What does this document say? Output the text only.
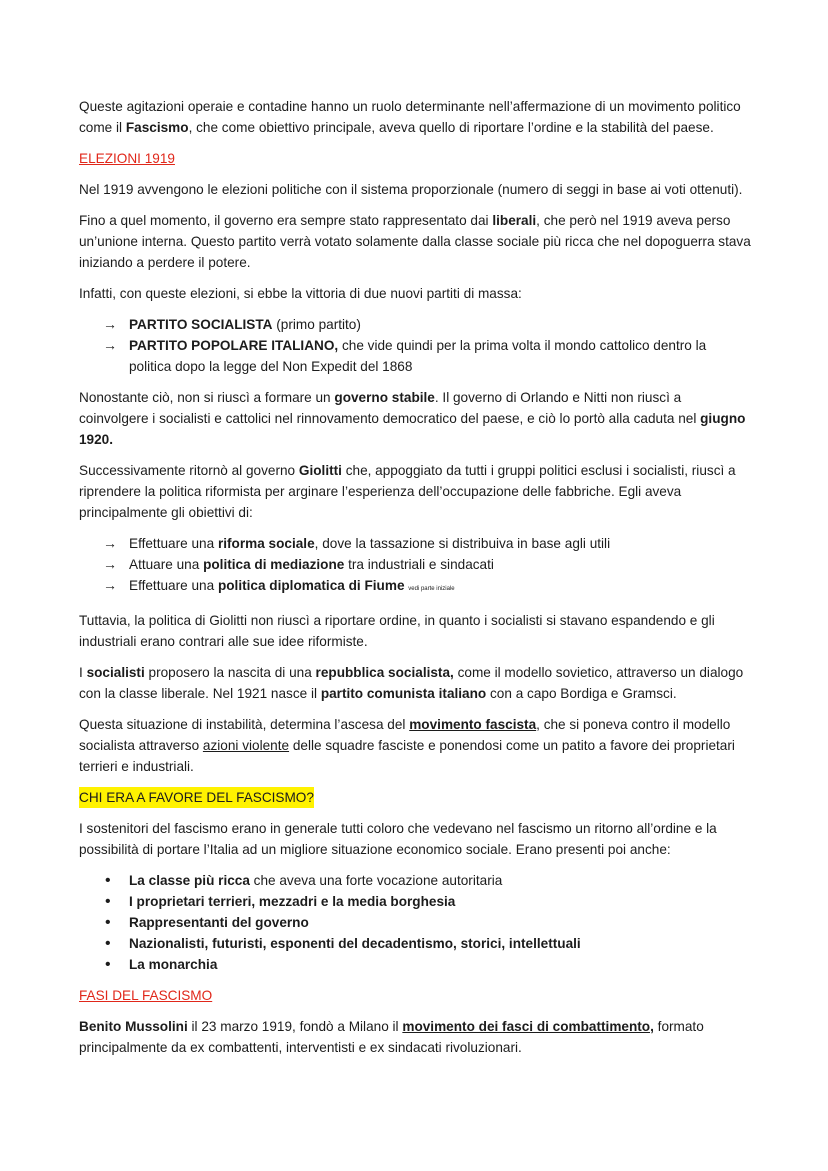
Queste agitazioni operaie e contadine hanno un ruolo determinante nell’affermazione di un movimento politico come il Fascismo, che come obiettivo principale, aveva quello di riportare l’ordine e la stabilità del paese.

ELEZIONI 1919

Nel 1919 avvengono le elezioni politiche con il sistema proporzionale (numero di seggi in base ai voti ottenuti).

Fino a quel momento, il governo era sempre stato rappresentato dai liberali, che però nel 1919 aveva perso un’unione interna. Questo partito verrà votato solamente dalla classe sociale più ricca che nel dopoguerra stava iniziando a perdere il potere.

Infatti, con queste elezioni, si ebbe la vittoria di due nuovi partiti di massa:

→ PARTITO SOCIALISTA (primo partito)
→ PARTITO POPOLARE ITALIANO, che vide quindi per la prima volta il mondo cattolico dentro la politica dopo la legge del Non Expedit del 1868

Nonostante ciò, non si riuscì a formare un governo stabile. Il governo di Orlando e Nitti non riuscì a coinvolgere i socialisti e cattolici nel rinnovamento democratico del paese, e ciò lo portò alla caduta nel giugno 1920.

Successivamente ritornò al governo Giolitti che, appoggiato da tutti i gruppi politici esclusi i socialisti, riuscì a riprendere la politica riformista per arginare l’esperienza dell’occupazione delle fabbriche. Egli aveva principalmente gli obiettivi di:

→ Effettuare una riforma sociale, dove la tassazione si distribuiva in base agli utili
→ Attuare una politica di mediazione tra industriali e sindacati
→ Effettuare una politica diplomatica di Fiume vedi parte iniziale

Tuttavia, la politica di Giolitti non riuscì a riportare ordine, in quanto i socialisti si stavano espandendo e gli industriali erano contrari alle sue idee riformiste.

I socialisti proposero la nascita di una repubblica socialista, come il modello sovietico, attraverso un dialogo con la classe liberale. Nel 1921 nasce il partito comunista italiano con a capo Bordiga e Gramsci.

Questa situazione di instabilità, determina l’ascesa del movimento fascista, che si poneva contro il modello socialista attraverso azioni violente delle squadre fasciste e ponendosi come un patito a favore dei proprietari terrieri e industriali.

CHI ERA A FAVORE DEL FASCISMO?

I sostenitori del fascismo erano in generale tutti coloro che vedevano nel fascismo un ritorno all’ordine e la possibilità di portare l’Italia ad un migliore situazione economico sociale. Erano presenti poi anche:

• La classe più ricca che aveva una forte vocazione autoritaria
• I proprietari terrieri, mezzadri e la media borghesia
• Rappresentanti del governo
• Nazionalisti, futuristi, esponenti del decadentismo, storici, intellettuali
• La monarchia

FASI DEL FASCISMO

Benito Mussolini il 23 marzo 1919, fondò a Milano il movimento dei fasci di combattimento, formato principalmente da ex combattenti, interventisti e ex sindacati rivoluzionari.
